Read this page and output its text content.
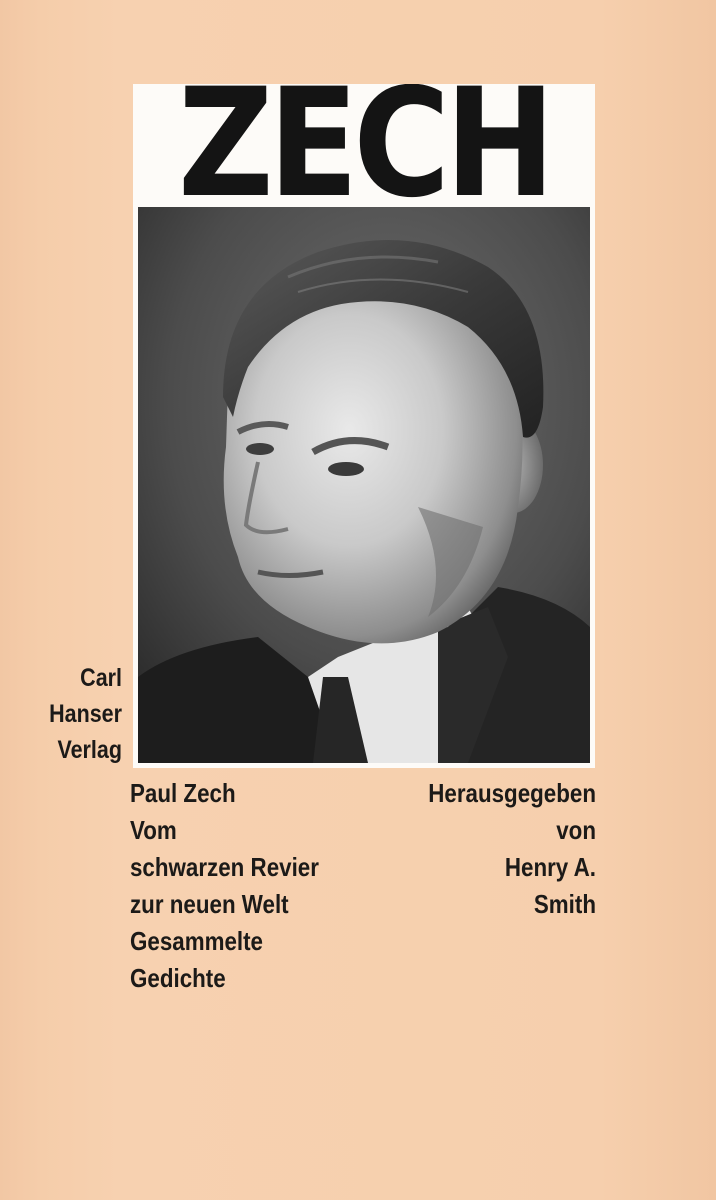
ZECH
Carl
Hanser
Verlag
Paul Zech
Vom
schwarzen Revier
zur neuen Welt
Gesammelte
Gedichte
Herausgegeben
von
Henry A.
Smith
